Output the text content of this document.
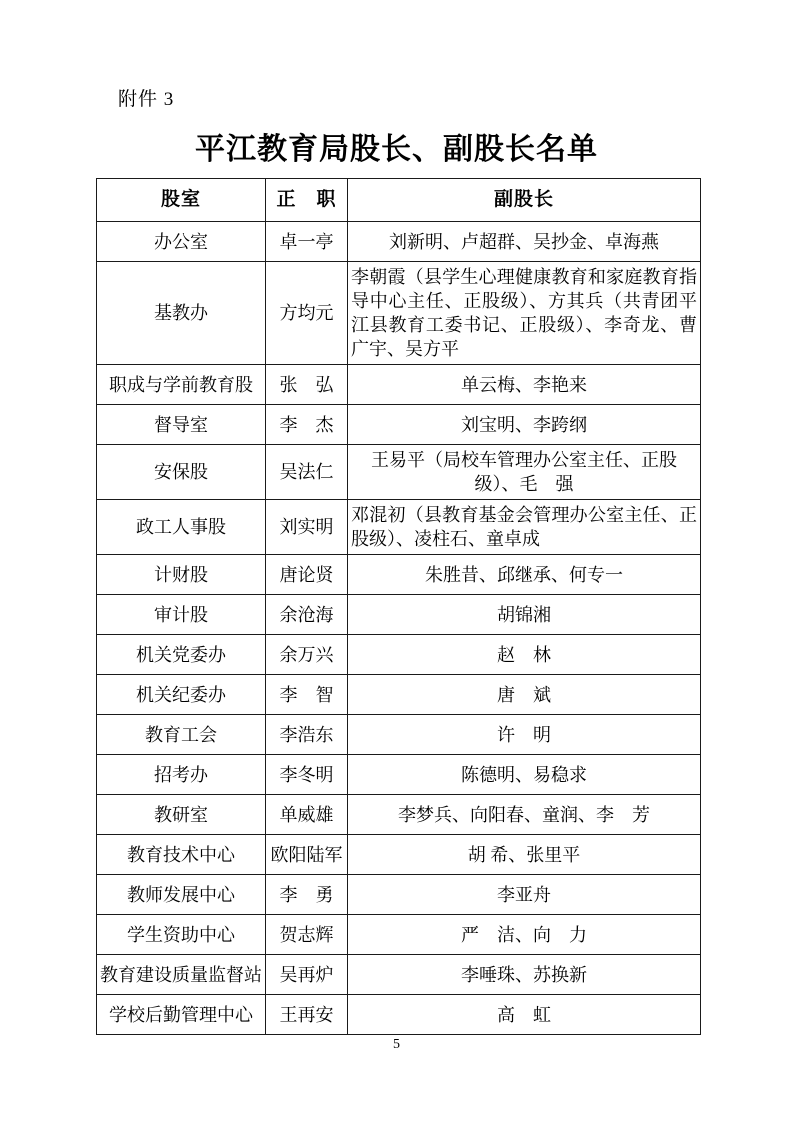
附件 3
平江教育局股长、副股长名单
股室	正　职	副股长
办公室	卓一亭	刘新明、卢超群、吴抄金、卓海燕
基教办	方均元	李朝霞（县学生心理健康教育和家庭教育指导中心主任、正股级）、方其兵（共青团平江县教育工委书记、正股级）、李奇龙、曹广宇、吴方平
职成与学前教育股	张　弘	单云梅、李艳来
督导室	李　杰	刘宝明、李跨纲
安保股	吴法仁	王易平（局校车管理办公室主任、正股级）、毛　强
政工人事股	刘实明	邓混初（县教育基金会管理办公室主任、正股级）、凌柱石、童卓成
计财股	唐论贤	朱胜昔、邱继承、何专一
审计股	余沧海	胡锦湘
机关党委办	余万兴	赵　林
机关纪委办	李　智	唐　斌
教育工会	李浩东	许　明
招考办	李冬明	陈德明、易稳求
教研室	单威雄	李梦兵、向阳春、童润、李　芳
教育技术中心	欧阳陆军	胡 希、张里平
教师发展中心	李　勇	李亚舟
学生资助中心	贺志辉	严　洁、向　力
教育建设质量监督站	吴再炉	李唾珠、苏换新
学校后勤管理中心	王再安	高　虹
5
